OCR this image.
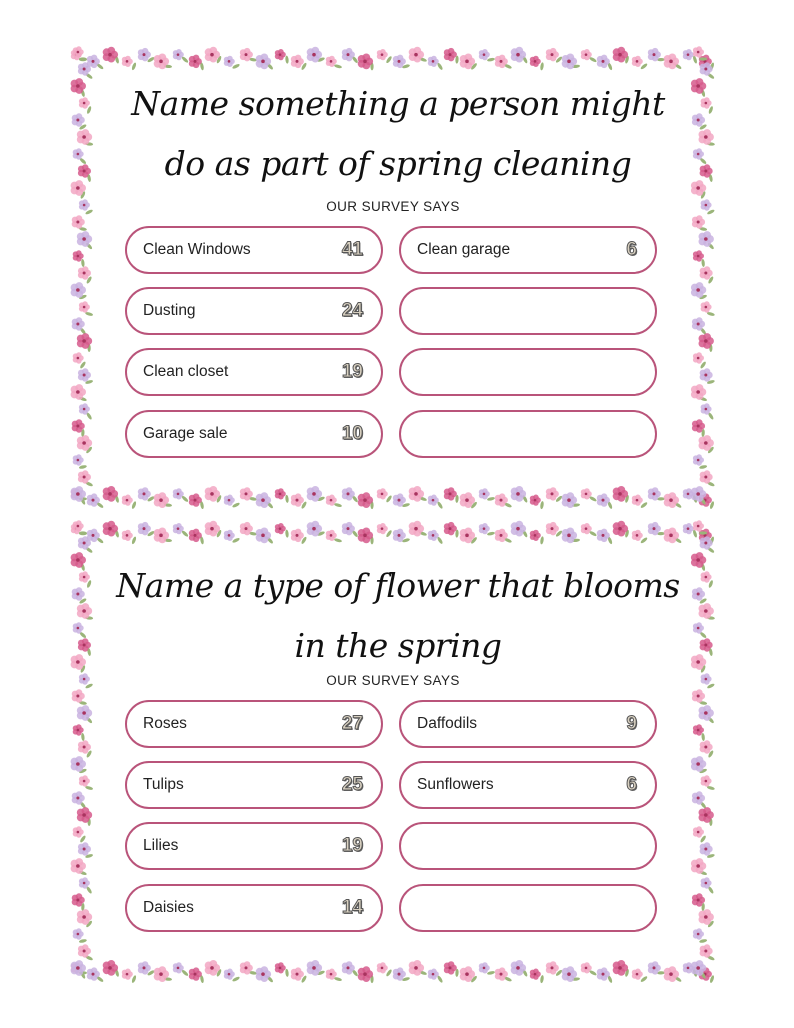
Name something a person might do as part of spring cleaning
OUR SURVEY SAYS
Clean Windows	41
Dusting	24
Clean closet	19
Garage sale	10
Clean garage	6
Name a type of flower that blooms in the spring
OUR SURVEY SAYS
Roses	27
Tulips	25
Lilies	19
Daisies	14
Daffodils	9
Sunflowers	6
